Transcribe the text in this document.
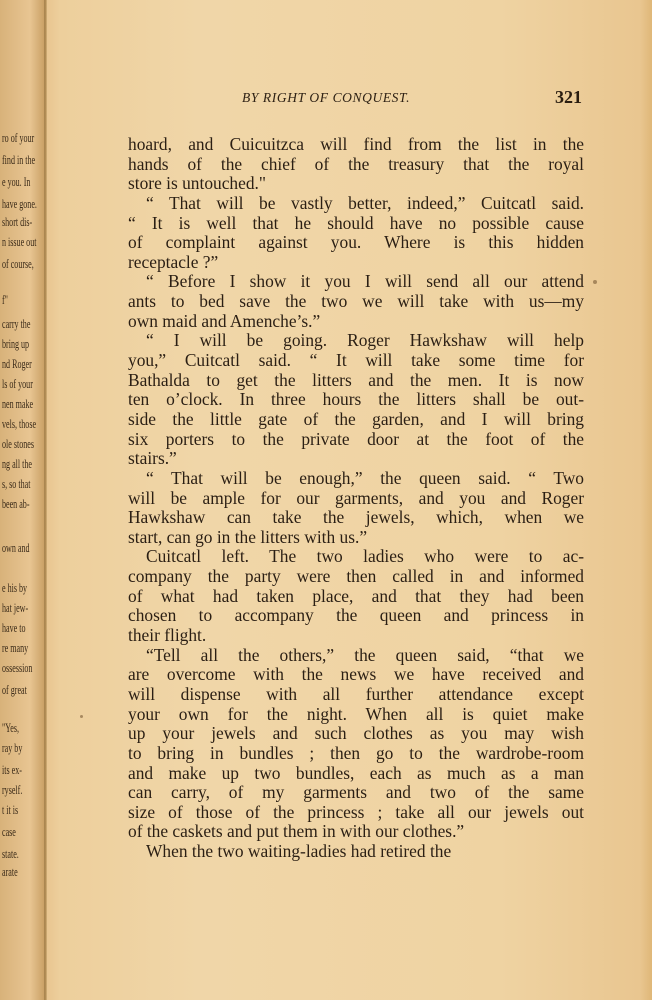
ro of your
find in the
e you. In
have gone.
short dis-
n issue out
of course,
f"
carry the
bring up
nd Roger
ls of your
nen make
vels, those
ole stones
ng all the
s, so that
been ab-
own and
e his by
hat jew-
have to
re many
ossession
of great
"Yes,
ray by
its ex-
ryself.
t it is
case
state.
arate
BY RIGHT OF CONQUEST.	321
hoard, and Cuicuitzca will find from the list in the
hands of the chief of the treasury that the royal
store is untouched."
“ That will be vastly better, indeed,” Cuitcatl said.
“ It is well that he should have no possible cause
of complaint against you. Where is this hidden
receptacle ?”
“ Before I show it you I will send all our attend
ants to bed save the two we will take with us—my
own maid and Amenche’s.”
“ I will be going. Roger Hawkshaw will help
you,” Cuitcatl said. “ It will take some time for
Bathalda to get the litters and the men. It is now
ten o’clock. In three hours the litters shall be out-
side the little gate of the garden, and I will bring
six porters to the private door at the foot of the
stairs.”
“ That will be enough,” the queen said. “ Two
will be ample for our garments, and you and Roger
Hawkshaw can take the jewels, which, when we
start, can go in the litters with us.”
Cuitcatl left. The two ladies who were to ac-
company the party were then called in and informed
of what had taken place, and that they had been
chosen to accompany the queen and princess in
their flight.
“Tell all the others,” the queen said, “that we
are overcome with the news we have received and
will dispense with all further attendance except
your own for the night. When all is quiet make
up your jewels and such clothes as you may wish
to bring in bundles ; then go to the wardrobe-room
and make up two bundles, each as much as a man
can carry, of my garments and two of the same
size of those of the princess ; take all our jewels out
of the caskets and put them in with our clothes.”
When the two waiting-ladies had retired the
